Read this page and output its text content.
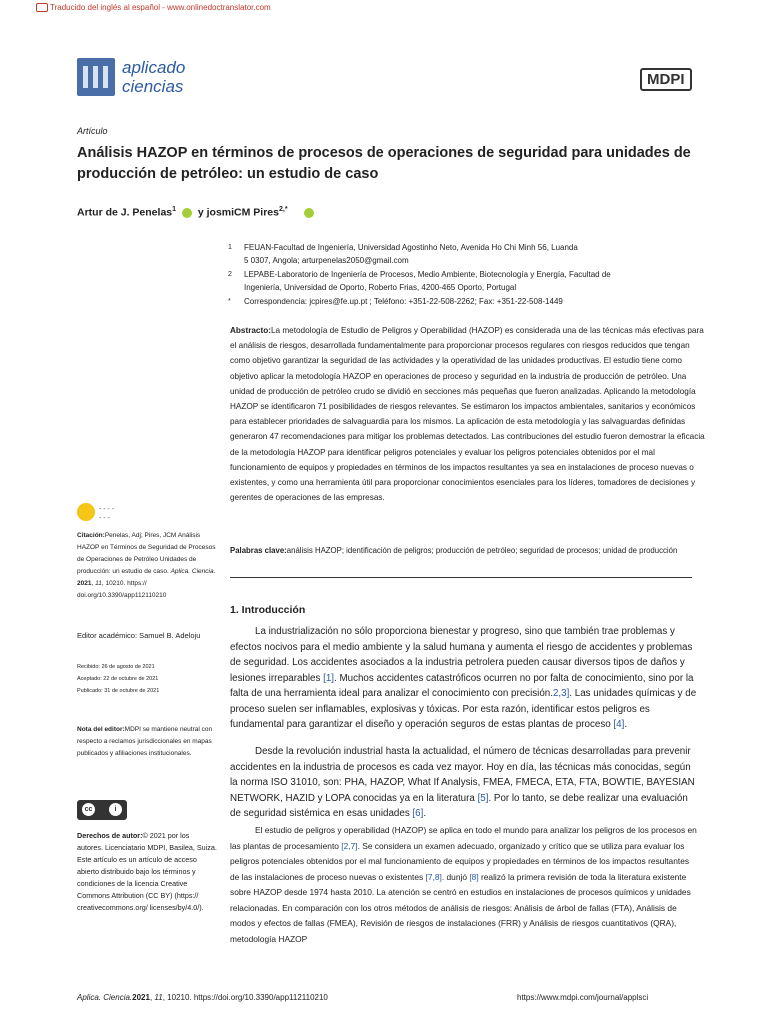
Traducido del inglés al español - www.onlinedoctranslator.com
aplicado
ciencias	MDPI
Artículo
Análisis HAZOP en términos de procesos de operaciones de seguridad para unidades de producción de petróleo: un estudio de caso
Artur de J. Penelas$^1$  y josmiCM Pires$^{2,*}$
1 FEUAN-Facultad de Ingeniería, Universidad Agostinho Neto, Avenida Ho Chi Minh 56, Luanda
5 0307, Angola; arturpenelas2050@gmail.com
2 LEPABE-Laboratorio de Ingeniería de Procesos, Medio Ambiente, Biotecnología y Energía, Facultad de
Ingeniería, Universidad de Oporto, Roberto Frias, 4200-465 Oporto, Portugal
* Correspondencia: jcpires@fe.up.pt ; Teléfono: +351-22-508-2262; Fax: +351-22-508-1449
Abstracto:La metodología de Estudio de Peligros y Operabilidad (HAZOP) es considerada una de las técnicas más efectivas para el análisis de riesgos, desarrollada fundamentalmente para proporcionar procesos regulares con riesgos reducidos que tengan como objetivo garantizar la seguridad de las actividades y la operatividad de las unidades productivas. El estudio tiene como objetivo aplicar la metodología HAZOP en operaciones de proceso y seguridad en la industria de producción de petróleo. Una unidad de producción de petróleo crudo se dividió en secciones más pequeñas que fueron analizadas. Aplicando la metodología HAZOP se identificaron 71 posibilidades de riesgos relevantes. Se estimaron los impactos ambientales, sanitarios y económicos para establecer prioridades de salvaguardia para los mismos. La aplicación de esta metodología y las salvaguardas definidas generaron 47 recomendaciones para mitigar los problemas detectados. Las contribuciones del estudio fueron demostrar la eficacia de la metodología HAZOP para identificar peligros potenciales y evaluar los peligros potenciales obtenidos por el mal funcionamiento de equipos y propiedades en términos de los impactos resultantes ya sea en instalaciones de proceso nuevas o existentes, y como una herramienta útil para proporcionar conocimientos esenciales para los líderes, tomadores de decisiones y gerentes de operaciones de las empresas.
Palabras clave:análisis HAZOP; identificación de peligros; producción de petróleo; seguridad de procesos; unidad de producción
1. Introducción

La industrialización no sólo proporciona bienestar y progreso, sino que también trae problemas y efectos nocivos para el medio ambiente y la salud humana y aumenta el riesgo de accidentes y problemas de seguridad. Los accidentes asociados a la industria petrolera pueden causar diversos tipos de daños y lesiones irreparables [1]. Muchos accidentes catastróficos ocurren no por falta de conocimiento, sino por la falta de una herramienta ideal para analizar el conocimiento con precisión.2,3]. Las unidades químicas y de proceso suelen ser inflamables, explosivas y tóxicas. Por esta razón, identificar estos peligros es fundamental para garantizar el diseño y operación seguros de estas plantas de proceso [4].

Desde la revolución industrial hasta la actualidad, el número de técnicas desarrolladas para prevenir accidentes en la industria de procesos es cada vez mayor. Hoy en día, las técnicas más conocidas, según la norma ISO 31010, son: PHA, HAZOP, What If Analysis, FMEA, FMECA, ETA, FTA, BOWTIE, BAYESIAN NETWORK, HAZID y LOPA conocidas ya en la literatura [5]. Por lo tanto, se debe realizar una evaluación de seguridad sistémica en esas unidades [6].

El estudio de peligros y operabilidad (HAZOP) se aplica en todo el mundo para analizar los peligros de los procesos en las plantas de procesamiento [2,7]. Se considera un examen adecuado, organizado y crítico que se utiliza para evaluar los peligros potenciales obtenidos por el mal funcionamiento de equipos y propiedades en términos de los impactos resultantes de las instalaciones de proceso nuevas o existentes [7,8]. dunjó [8] realizó la primera revisión de toda la literatura existente sobre HAZOP desde 1974 hasta 2010. La atención se centró en estudios en instalaciones de procesos químicos y unidades relacionadas. En comparación con los otros métodos de análisis de riesgos: Análisis de árbol de fallas (FTA), Análisis de modos y efectos de fallas (FMEA), Revisión de riesgos de instalaciones (FRR) y Análisis de riesgos cuantitativos (QRA), metodología HAZOP

- - - -
- - -
Citación:Penelas, Adj; Pires, JCM Análisis HAZOP en Términos de Seguridad de Procesos de Operaciones de Petróleo Unidades de producción: un estudio de caso. Aplica. Ciencia. 2021, 11, 10210. https:// doi.org/10.3390/app112110210
Editor académico: Samuel B. Adeloju
Recibido: 26 de agosto de 2021
Aceptado: 22 de octubre de 2021
Publicado: 31 de octubre de 2021
Nota del editor:MDPI se mantiene neutral con respecto a reclamos jurisdiccionales en mapas publicados y afiliaciones institucionales.
cc	i
Derechos de autor:© 2021 por los autores. Licenciatario MDPI, Basilea, Suiza. Este artículo es un artículo de acceso abierto distribuido bajo los términos y condiciones de la licencia Creative Commons Attribution (CC BY) (https:// creativecommons.org/ licenses/by/4.0/).
Aplica. Ciencia.2021, 11, 10210. https://doi.org/10.3390/app112110210	https://www.mdpi.com/journal/applsci
